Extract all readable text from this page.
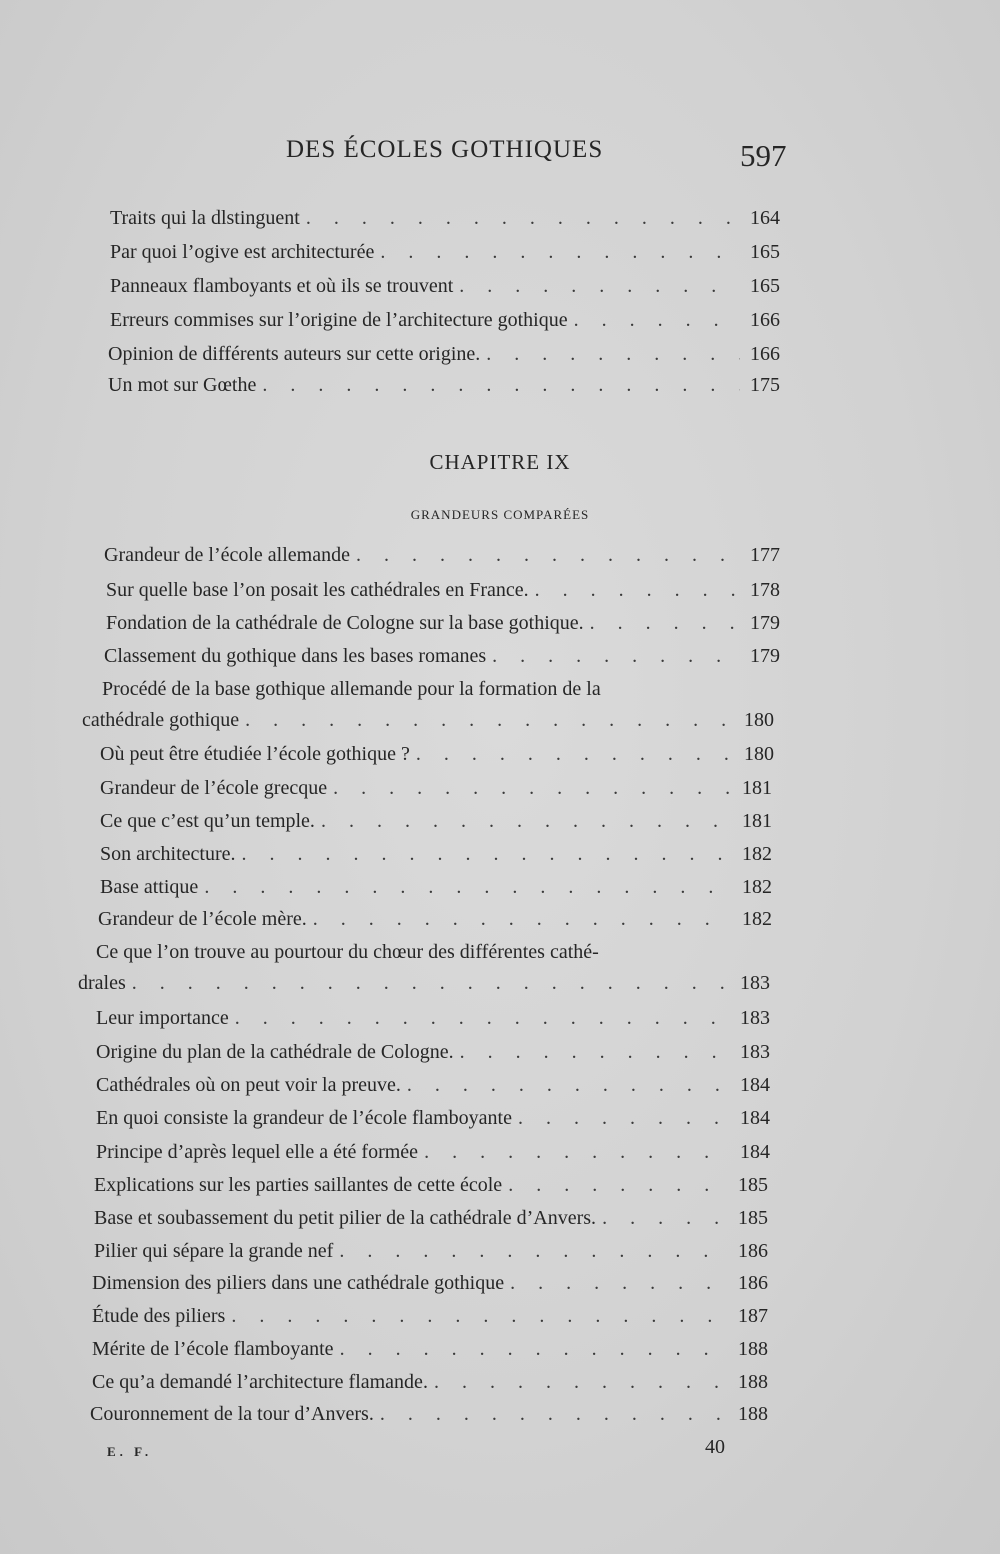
DES ÉCOLES GOTHIQUES	597
Traits qui la dlstinguent . . .	164
Par quoi l’ogive est architecturée . . .	165
Panneaux flamboyants et où ils se trouvent . . .	165
Erreurs commises sur l’origine de l’architecture gothique . . .	166
Opinion de différents auteurs sur cette origine. . . .	166
Un mot sur Gœthe . . .	175
CHAPITRE IX
GRANDEURS COMPARÉES
Grandeur de l’école allemande . . .	177
Sur quelle base l’on posait les cathédrales en France. . . .	178
Fondation de la cathédrale de Cologne sur la base gothique. . . .	179
Classement du gothique dans les bases romanes . . .	179
Procédé de la base gothique allemande pour la formation de la
cathédrale gothique . . .	180
Où peut être étudiée l’école gothique ? . . .	180
Grandeur de l’école grecque . . .	181
Ce que c’est qu’un temple. . . .	181
Son architecture. . . .	182
Base attique . . .	182
Grandeur de l’école mère. . . .	182
Ce que l’on trouve au pourtour du chœur des différentes cathé-
drales . . .	183
Leur importance . . .	183
Origine du plan de la cathédrale de Cologne. . . .	183
Cathédrales où on peut voir la preuve. . . .	184
En quoi consiste la grandeur de l’école flamboyante . . .	184
Principe d’après lequel elle a été formée . . .	184
Explications sur les parties saillantes de cette école . . .	185
Base et soubassement du petit pilier de la cathédrale d’Anvers. . . .	185
Pilier qui sépare la grande nef . . .	186
Dimension des piliers dans une cathédrale gothique . . .	186
Étude des piliers . . .	187
Mérite de l’école flamboyante . . .	188
Ce qu’a demandé l’architecture flamande. . . .	188
Couronnement de la tour d’Anvers. . . .	188
E. F.	40
